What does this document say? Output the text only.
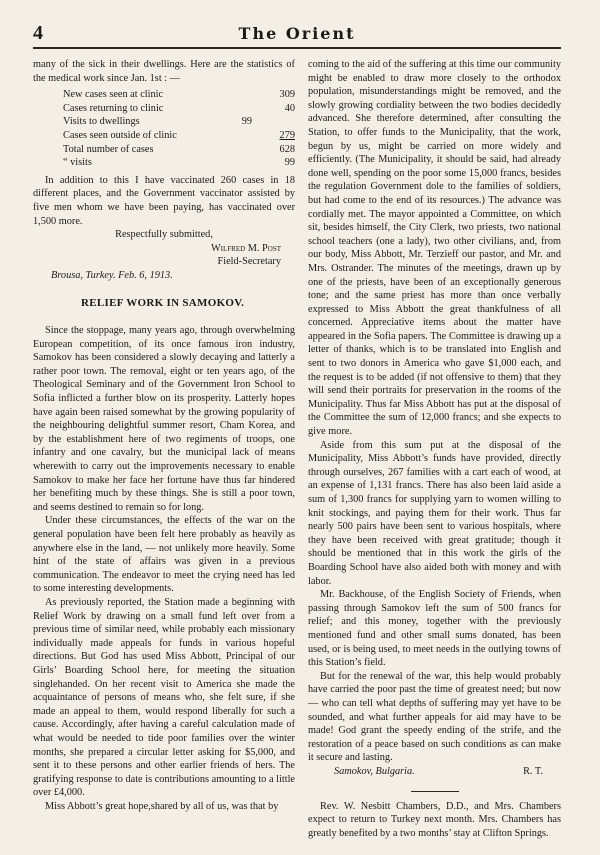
4	The Orient

many of the sick in their dwellings. Here are the statistics of the medical work since Jan. 1st : —

New cases seen at clinic	309
Cases returning to clinic	40
Visits to dwellings	99
Cases seen outside of clinic	279
Total number of cases	628
“ visits	99

In addition to this I have vaccinated 260 cases in 18 different places, and the Government vaccinator assisted by five men whom we have been paying, has vaccinated over 1,500 more.

Respectfully submitted,

Wilfred M. Post

Field-Secretary

Brousa, Turkey. Feb. 6, 1913.

RELIEF WORK IN SAMOKOV.

Since the stoppage, many years ago, through overwhelming European competition, of its once famous iron industry, Samokov has been considered a slowly decaying and latterly a rather poor town. The removal, eight or ten years ago, of the Theological Seminary and of the Government Iron School to Sofia inflicted a further blow on its prosperity. Latterly hopes have again been raised somewhat by the growing popularity of the neighbouring delightful summer resort, Cham Korea, and by the establishment here of two regiments of troops, one infantry and one cavalry, but the municipal lack of means wherewith to carry out the improvements necessary to enable Samokov to make her face her fortune have thus far hindered her benefiting much by these things. She is still a poor town, and seems destined to remain so for long.

Under these circumstances, the effects of the war on the general population have been felt here probably as heavily as anywhere else in the land, — not unlikely more heavily. Some hint of the state of affairs was given in a previous communication. The endeavor to meet the crying need has led to some interesting developments.

As previously reported, the Station made a beginning with Relief Work by drawing on a small fund left over from a previous time of similar need, while probably each missionary individually made appeals for funds in various hopeful directions. But God has used Miss Abbott, Principal of our Girls’ Boarding School here, for meeting the situation singlehanded. On her recent visit to America she made the acquaintance of persons of means who, she felt sure, if she made an appeal to them, would respond liberally for such a cause. Accordingly, after having a careful calculation made of what would be needed to tide poor families over the winter months, she prepared a circular letter asking for $5,000, and sent it to these persons and other earlier friends of hers. The gratifying response to date is contributions amounting to a little over £4,000.

Miss Abbott’s great hope,shared by all of us, was that by

coming to the aid of the suffering at this time our community might be enabled to draw more closely to the orthodox population, misunderstandings might be removed, and the slowly growing cordiality between the two bodies decidedly advanced. She therefore determined, after consulting the Station, to offer funds to the Municipality, that the work, begun by us, might be carried on more widely and efficiently. (The Municipality, it should be said, had already done well, spending on the poor some 15,000 francs, besides the regulation Government dole to the families of soldiers, but had come to the end of its resources.) The advance was cordially met. The mayor appointed a Committee, on which sit, besides himself, the City Clerk, two priests, two national school teachers (one a lady), two other civilians, and, from our body, Miss Abbott, Mr. Terzieff our pastor, and Mr. and Mrs. Ostrander. The minutes of the meetings, drawn up by one of the priests, have been of an exceptionally generous tone; and the same priest has more than once verbally expressed to Miss Abbott the great thankfulness of all concerned. Appreciative items about the matter have appeared in the Sofia papers. The Committee is drawing up a letter of thanks, which is to be translated into English and sent to two donors in America who gave $1,000 each, and the request is to be added (if not offensive to them) that they will send their portraits for preservation in the rooms of the Municipality. Thus far Miss Abbott has put at the disposal of the Committee the sum of 12,000 francs; and she expects to give more.

Aside from this sum put at the disposal of the Municipality, Miss Abbott’s funds have provided, directly through ourselves, 267 families with a cart each of wood, at an expense of 1,131 francs. There has also been laid aside a sum of 1,300 francs for supplying yarn to women willing to knit stockings, and paying them for their work. Thus far nearly 500 pairs have been sent to various hospitals, where they have been received with great gratitude; though it should be mentioned that in this work the girls of the Boarding School have also aided both with money and with labor.

Mr. Backhouse, of the English Society of Friends, when passing through Samokov left the sum of 500 francs for relief; and this money, together with the previously mentioned fund and other small sums donated, has been used, or is being used, to meet needs in the outlying towns of this Station’s field.

But for the renewal of the war, this help would probably have carried the poor past the time of greatest need; but now — who can tell what depths of suffering may yet have to be sounded, and what further appeals for aid may have to be made! God grant the speedy ending of the strife, and the restoration of a peace based on such conditions as can make it secure and lasting.

Samokov, Bulgaria.	R. T.

Rev. W. Nesbitt Chambers, D.D., and Mrs. Chambers expect to return to Turkey next month. Mrs. Chambers has greatly benefited by a two months’ stay at Clifton Springs.
